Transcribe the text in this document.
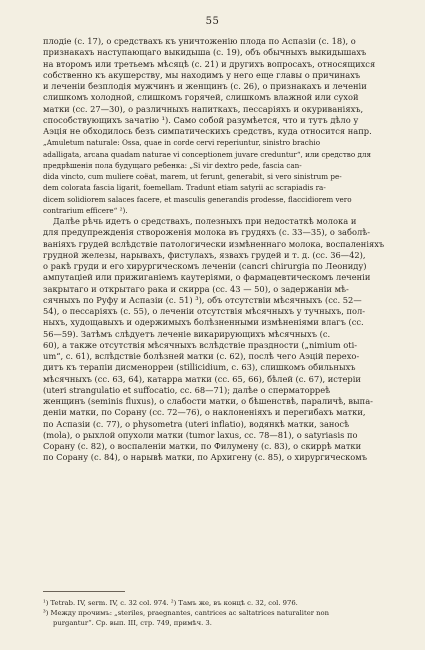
55
плодіе (с. 17), о средствахъ къ уничтоженію плода по Аспазіи (с. 18), о
признакахъ наступающаго выкидыша (с. 19), объ обычныхъ выкидышахъ
на второмъ или третьемъ мѣсяцѣ (с. 21) и другихъ вопросахъ, относящихся
собственно къ акушерству, мы находимъ у него еще главы о причинахъ
и леченіи безплодія мужчинъ и женщинъ (с. 26), о признакахъ и леченіи
слишкомъ холодной, слишкомъ горячей, слишкомъ влажной или сухой
матки (сс. 27—30), о различныхъ напиткахъ, пессаріяхъ и окуриваніяхъ,
способствующихъ зачатію ¹). Само собой разумѣется, что и тутъ дѣло у
Аэція не обходилось безъ симпатическихъ средствъ, куда относится напр.
„Amuletum naturale: Ossa, quae in corde cervi reperiuntur, sinistro brachio
adalligata, arcana quadam naturae vi conceptionem juvare creduntur“, или средство для
предрѣшенія пола будущаго ребенка: „Si vir dextro pede, fascia can-
dida vincto, cum muliere coëat, marem, ut ferunt, generabit, si vero sinistrum pe-
dem colorata fascia ligarit, foemellam. Tradunt etiam satyrii ac scrapiadis ra-
dicem solidiorem salaces facere, et masculis generandis prodesse, flaccidiorem vero
contrarium efficere“ ²).
Далѣе рѣчь идетъ о средствахъ, полезныхъ при недостаткѣ молока и
для предупрежденія створоженія молока въ грудяхъ (с. 33—35), о заболѣ-
ваніяхъ грудей вслѣдствіе патологически измѣненнаго молока, воспаленіяхъ
грудной железы, нарывахъ, фистулахъ, язвахъ грудей и т. д. (сс. 36—42),
о ракѣ груди и его хирургическомъ леченіи (cancri chirurgia по Леониду)
ампутаціей или прижиганіемъ каутеріями, о фармацевтическомъ леченіи
закрытаго и открытаго рака и скирра (сс. 43 — 50), о задержаніи мѣ-
сячныхъ по Руфу и Аспазіи (с. 51) ³), объ отсутствіи мѣсячныхъ (сс. 52—
54), о пессаріяхъ (с. 55), о леченіи отсутствія мѣсячныхъ у тучныхъ, пол-
ныхъ, худощавыхъ и одержимыхъ болѣзненными измѣненіями влагъ (сс.
56—59). Затѣмъ слѣдуетъ леченіе викарирующихъ мѣсячныхъ (с.
60), а также отсутствія мѣсячныхъ вслѣдствіе праздности („nimium oti-
um“, с. 61), вслѣдствіе болѣзней матки (с. 62), послѣ чего Аэцій перехо-
дитъ къ терапіи дисменорреи (stillicidium, с. 63), слишкомъ обильныхъ
мѣсячныхъ (сс. 63, 64), катарра матки (сс. 65, 66), бѣлей (с. 67), истеріи
(uteri strangulatio et suffocatio, сс. 68—71); далѣе о сперматорреѣ
женщинъ (seminis fluxus), о слабости матки, о бѣшенствѣ, параличѣ, выпа-
деніи матки, по Сорану (сс. 72—76), о наклоненіяхъ и перегибахъ матки,
по Аспазіи (с. 77), о physometra (uteri inflatio), водянкѣ матки, заносѣ
(mola), о рыхлой опухоли матки (tumor laxus, сс. 78—81), о satyriasis по
Сорану (с. 82), о воспаленіи матки, по Филумену (с. 83), о скиррѣ матки
по Сорану (с. 84), о нарывѣ матки, по Архигену (с. 85), о хирургическомъ
¹) Tetrab. IV, serm. IV, c. 32 col. 974. ²) Тамъ же, въ концѣ c. 32, col. 976.
³) Между прочимъ: „steriles, praegnantes, cantrices ac saltatrices naturaliter non
purgantur“. Ср. вып. III, стр. 749, примѣч. 3.
